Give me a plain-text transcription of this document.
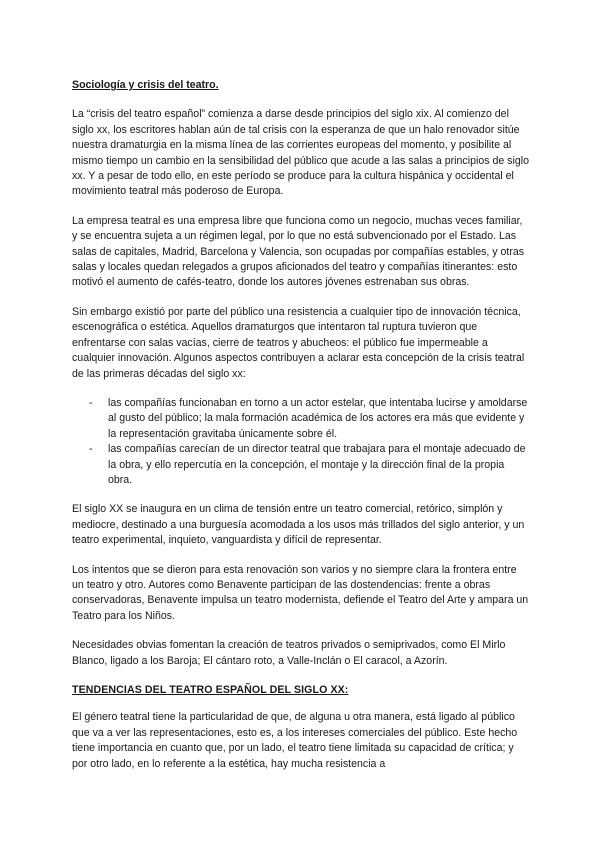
Sociología y crisis del teatro.

La “crisis del teatro español” comienza a darse desde principios del siglo xix. Al comienzo del siglo xx, los escritores hablan aún de tal crisis con la esperanza de que un halo renovador sitúe nuestra dramaturgia en la misma línea de las corrientes europeas del momento, y posibilite al mismo tiempo un cambio en la sensibilidad del público que acude a las salas a principios de siglo xx. Y a pesar de todo ello, en este período se produce para la cultura hispánica y occidental el movimiento teatral más poderoso de Europa.

La empresa teatral es una empresa libre que funciona como un negocio, muchas veces familiar, y se encuentra sujeta a un régimen legal, por lo que no está subvencionado por el Estado. Las salas de capitales, Madrid, Barcelona y Valencia, son ocupadas por compañías estables, y otras salas y locales quedan relegados a grupos aficionados del teatro y compañías itinerantes: esto motivó el aumento de cafés-teatro, donde los autores jóvenes estrenaban sus obras.

Sin embargo existió por parte del público una resistencia a cualquier tipo de innovación técnica, escenográfica o estética. Aquellos dramaturgos que intentaron tal ruptura tuvieron que enfrentarse con salas vacías, cierre de teatros y abucheos: el público fue impermeable a cualquier innovación. Algunos aspectos contribuyen a aclarar esta concepción de la crisis teatral de las primeras décadas del siglo xx:

- las compañías funcionaban en torno a un actor estelar, que intentaba lucirse y amoldarse al gusto del público; la mala formación académica de los actores era más que evidente y la representación gravitaba únicamente sobre él.
- las compañías carecían de un director teatral que trabajara para el montaje adecuado de la obra, y ello repercutía en la concepción, el montaje y la dirección final de la propia obra.

El siglo XX se inaugura en un clima de tensión entre un teatro comercial, retórico, simplón y mediocre, destinado a una burguesía acomodada a los usos más trillados del siglo anterior, y un teatro experimental, inquieto, vanguardista y difícil de representar.

Los intentos que se dieron para esta renovación son varios y no siempre clara la frontera entre un teatro y otro. Autores como Benavente participan de las dostendencias: frente a obras conservadoras, Benavente impulsa un teatro modernista, defiende el Teatro del Arte y ampara un Teatro para los Niños.

Necesidades obvias fomentan la creación de teatros privados o semiprivados, como El Mirlo Blanco, ligado a los Baroja; El cántaro roto, a Valle-Inclán o El caracol, a Azorín.

TENDENCIAS DEL TEATRO ESPAÑOL DEL SIGLO XX:

El género teatral tiene la particularidad de que, de alguna u otra manera, está ligado al público que va a ver las representaciones, esto es, a los intereses comerciales del público. Este hecho tiene importancia en cuanto que, por un lado, el teatro tiene limitada su capacidad de crítica; y por otro lado, en lo referente a la estética, hay mucha resistencia a
